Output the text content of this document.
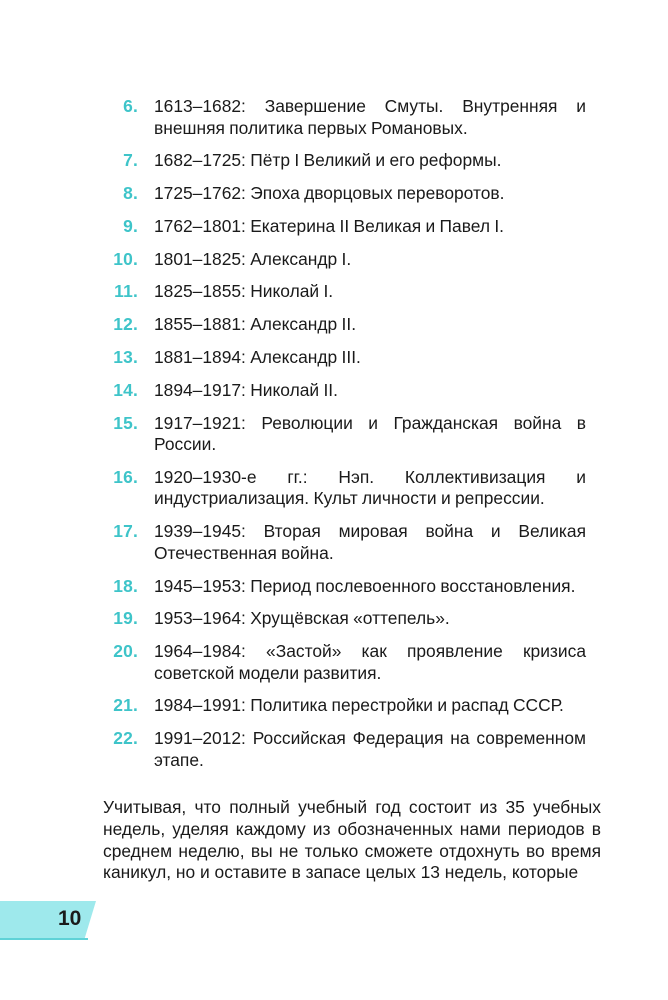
6. 1613–1682: Завершение Смуты. Внутренняя и внешняя политика первых Романовых.
7. 1682–1725: Пётр I Великий и его реформы.
8. 1725–1762: Эпоха дворцовых переворотов.
9. 1762–1801: Екатерина II Великая и Павел I.
10. 1801–1825: Александр I.
11. 1825–1855: Николай I.
12. 1855–1881: Александр II.
13. 1881–1894: Александр III.
14. 1894–1917: Николай II.
15. 1917–1921: Революции и Гражданская война в России.
16. 1920–1930-е гг.: Нэп. Коллективизация и индустриализация. Культ личности и репрессии.
17. 1939–1945: Вторая мировая война и Великая Отечественная война.
18. 1945–1953: Период послевоенного восстановления.
19. 1953–1964: Хрущёвская «оттепель».
20. 1964–1984: «Застой» как проявление кризиса советской модели развития.
21. 1984–1991: Политика перестройки и распад СССР.
22. 1991–2012: Российская Федерация на современном этапе.

Учитывая, что полный учебный год состоит из 35 учебных недель, уделяя каждому из обозначенных нами периодов в среднем неделю, вы не только сможете отдохнуть во время каникул, но и оставите в запасе целых 13 недель, которые

10
